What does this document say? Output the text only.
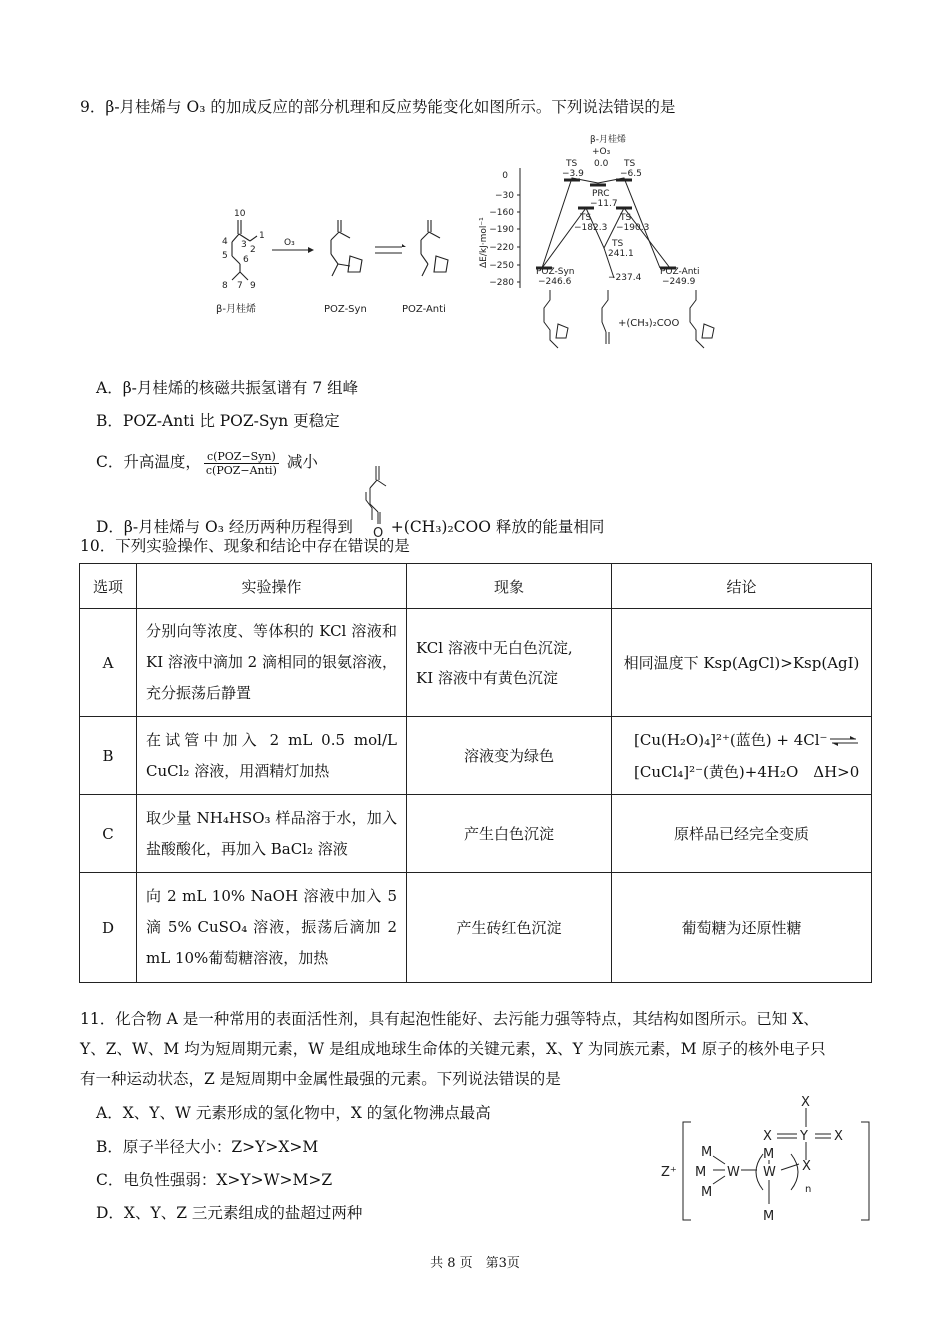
9．β-月桂烯与 O₃ 的加成反应的部分机理和反应势能变化如图所示。下列说法错误的是
10
1
2
3
4
5 6
7
8 9
O₃
β-月桂烯	POZ-Syn	POZ-Anti
ΔE/kJ·mol⁻¹
0
−30
−160
−190
−220
−250
−280
β-月桂烯
+O₃
0.0
TS
−3.9
TS
−6.5
PRC
−11.7
TS
−182.3
TS
−190.3
TS
241.1
POZ-Syn
−246.6	−237.4
POZ-Anti
−249.9
+(CH₃)₂COO
A．β-月桂烯的核磁共振氢谱有 7 组峰
B．POZ-Anti 比 POZ-Syn 更稳定
C．升高温度， $\frac{\text{c(POZ−Syn)}}{\text{c(POZ−Anti)}}$ 减小
D．β-月桂烯与 O₃ 经历两种历程得到 +(CH₃)₂COO 释放的能量相同
O
10．下列实验操作、现象和结论中存在错误的是
选项	实验操作	现象	结论
A	分别向等浓度、等体积的 KCl 溶液和 KI 溶液中滴加 2 滴相同的银氨溶液，充分振荡后静置	KCl 溶液中无白色沉淀,
KI 溶液中有黄色沉淀	相同温度下 Ksp(AgCl)>Ksp(AgI)
B	在试管中加入 2 mL 0.5 mol/L CuCl₂ 溶液，用酒精灯加热	溶液变为绿色	[Cu(H₂O)₄]²⁺(蓝色) + 4Cl⁻ ⇌
[CuCl₄]²⁻(黄色)+4H₂O　ΔH>0

C	取少量 NH₄HSO₃ 样品溶于水，加入盐酸酸化，再加入 BaCl₂ 溶液	产生白色沉淀	原样品已经完全变质
D	向 2 mL 10% NaOH 溶液中加入 5 滴 5% CuSO₄ 溶液，振荡后滴加 2 mL 10%葡萄糖溶液，加热	产生砖红色沉淀	葡萄糖为还原性糖
11．化合物 A 是一种常用的表面活性剂，具有起泡性能好、去污能力强等特点，其结构如图所示。已知 X、
Y、Z、W、M 均为短周期元素，W 是组成地球生命体的关键元素，X、Y 为同族元素，M 原子的核外电子只
有一种运动状态，Z 是短周期中金属性最强的元素。下列说法错误的是
A．X、Y、W 元素形成的氢化物中，X 的氢化物沸点最高
B．原子半径大小：Z>Y>X>M
C．电负性强弱：X>Y>W>M>Z
D．X、Y、Z 三元素组成的盐超过两种
Z⁺
X
X Y X
X
M
M
M
W
M
W
M
n
共 8 页　第3页
